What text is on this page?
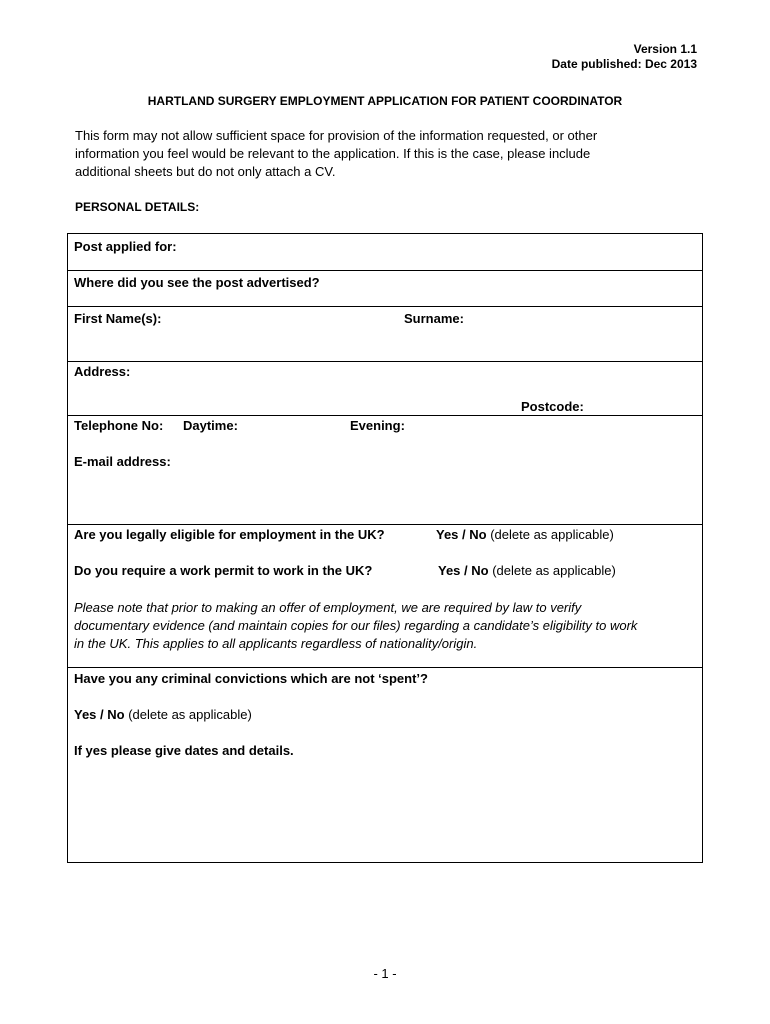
Version 1.1
Date published: Dec 2013
HARTLAND SURGERY EMPLOYMENT APPLICATION FOR PATIENT COORDINATOR
This form may not allow sufficient space for provision of the information requested, or other
information you feel would be relevant to the application. If this is the case, please include
additional sheets but do not only attach a CV.
PERSONAL DETAILS:
Post applied for:
Where did you see the post advertised?
First Name(s):	Surname:
Address:
Postcode:
Telephone No: Daytime:	Evening:
E-mail address:
Are you legally eligible for employment in the UK?	Yes / No (delete as applicable)
Do you require a work permit to work in the UK?	Yes / No (delete as applicable)
Please note that prior to making an offer of employment, we are required by law to verify
documentary evidence (and maintain copies for our files) regarding a candidate’s eligibility to work
in the UK. This applies to all applicants regardless of nationality/origin.
Have you any criminal convictions which are not ‘spent’?
Yes / No (delete as applicable)
If yes please give dates and details.
- 1 -
